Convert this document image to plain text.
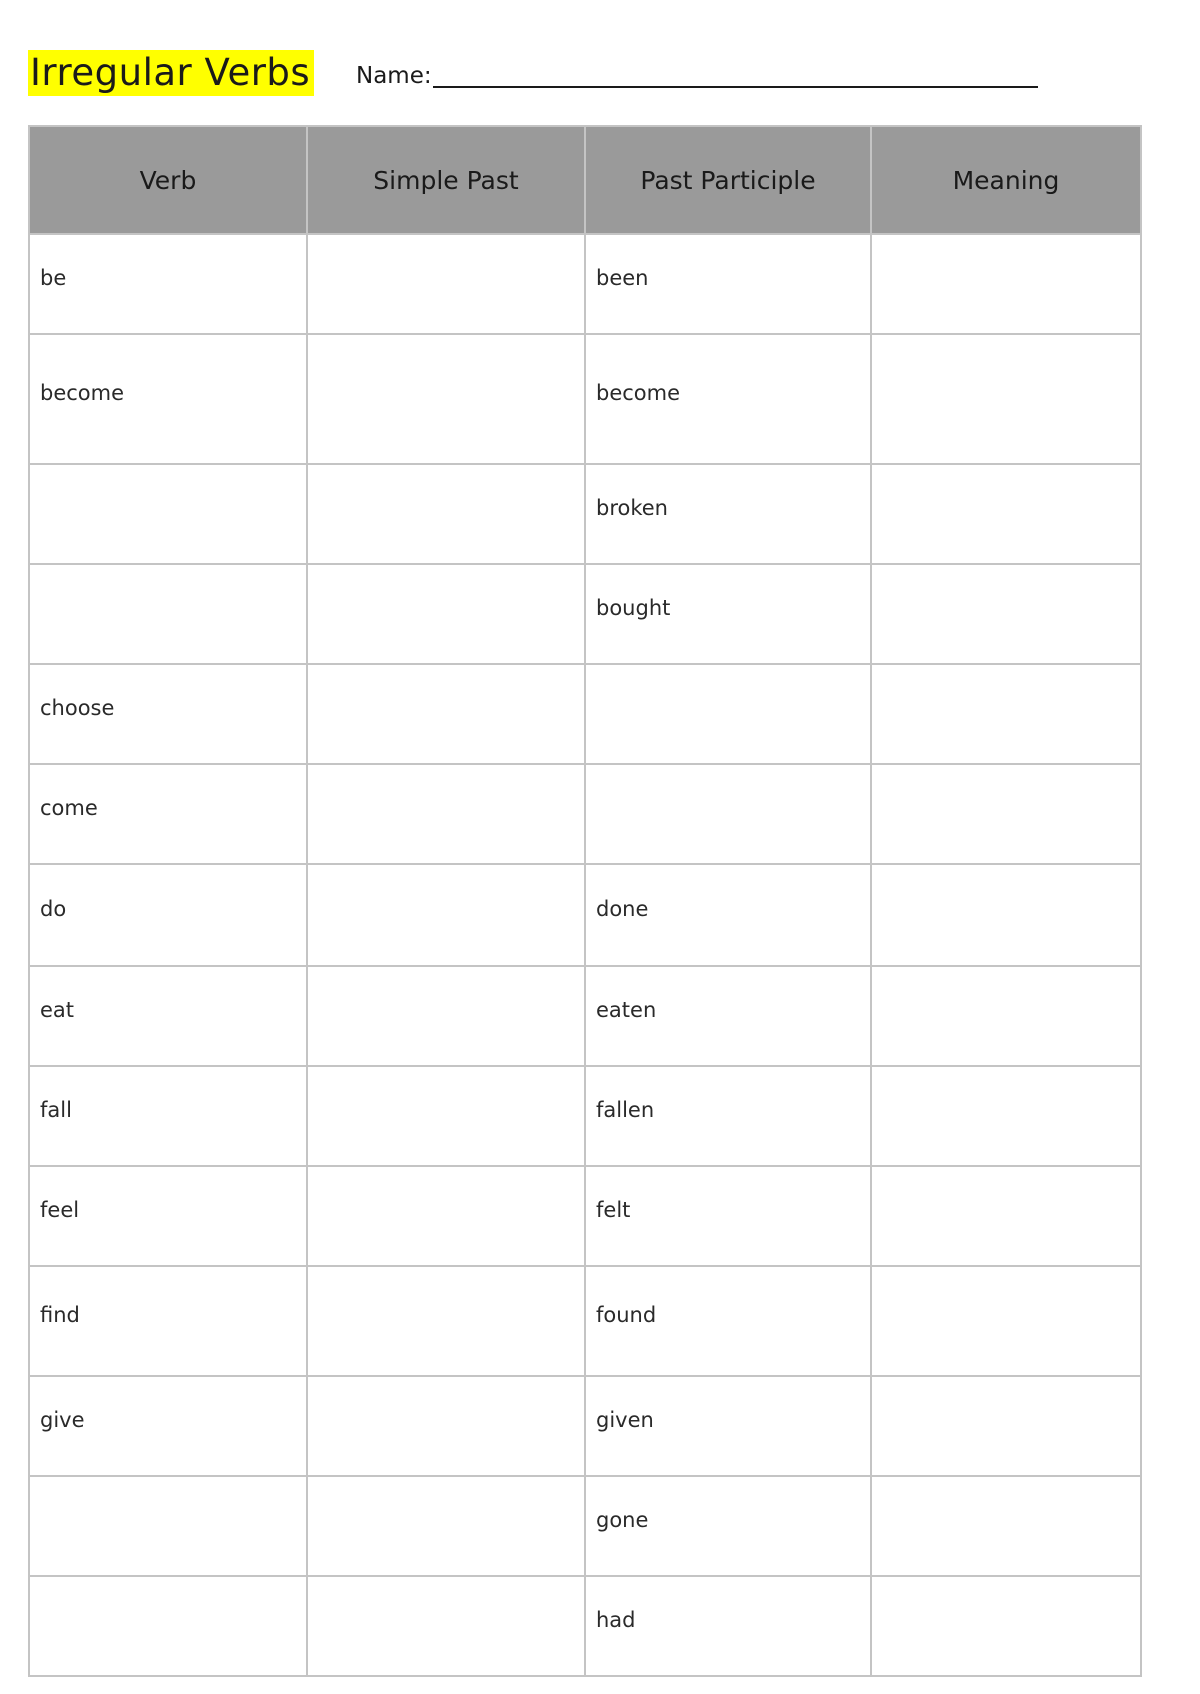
Irregular Verbs Name:
Verb	Simple Past	Past Participle	Meaning

be		been	

become		become	

		broken	

		bought	

choose			

come			

do		done	

eat		eaten	

fall		fallen	

feel		felt	

find		found	

give		given	

		gone	

		had	
